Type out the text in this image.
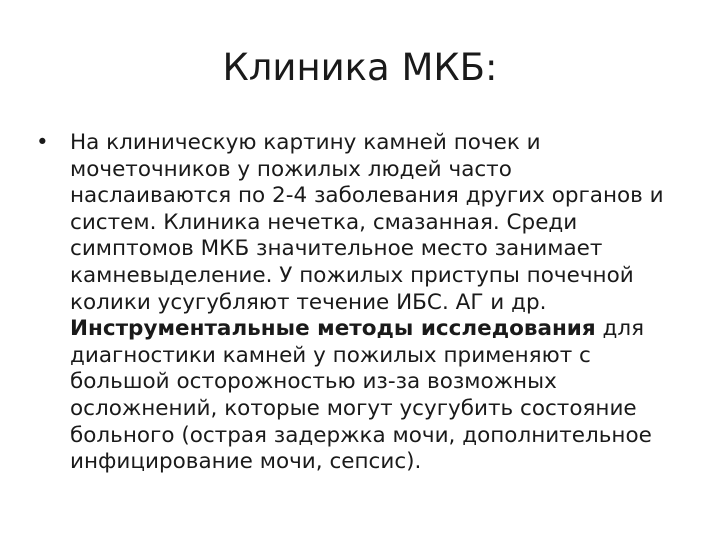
Клиника МКБ:
• На клиническую картину камней почек и мочеточников у пожилых людей часто наслаиваются по 2-4 заболевания других органов и систем. Клиника нечетка, смазанная. Среди симптомов МКБ значительное место занимает камневыделение. У пожилых приступы почечной колики усугубляют течение ИБС. АГ и др. Инструментальные методы исследования для диагностики камней у пожилых применяют с большой осторожностью из-за возможных осложнений, которые могут усугубить состояние больного (острая задержка мочи, дополнительное инфицирование мочи, сепсис).
